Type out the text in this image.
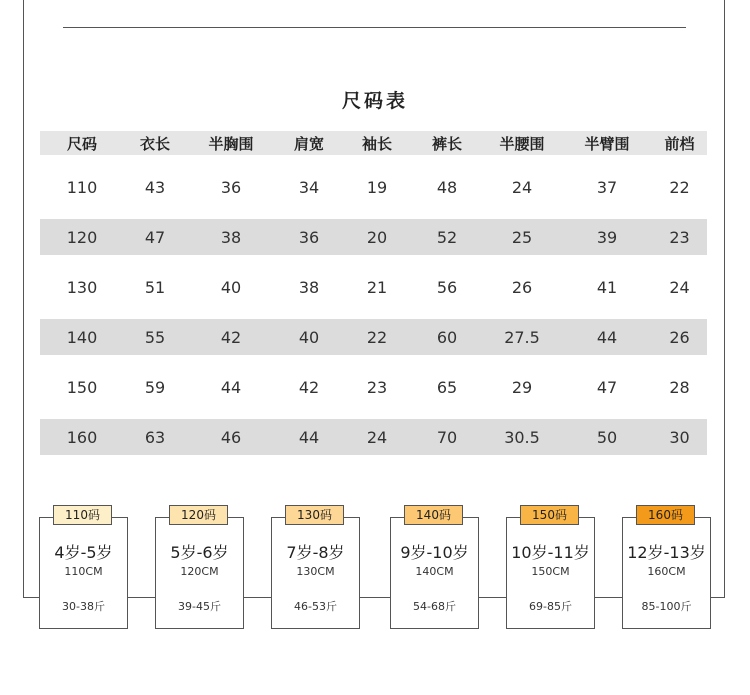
尺码表
尺码	衣长	半胸围	肩宽	袖长	裤长	半腰围	半臂围	前档
110	43	36	34	19	48	24	37	22
120	47	38	36	20	52	25	39	23
130	51	40	38	21	56	26	41	24
140	55	42	40	22	60	27.5	44	26
150	59	44	42	23	65	29	47	28
160	63	46	44	24	70	30.5	50	30
4岁-5岁
110CM
30-38斤
110码
5岁-6岁
120CM
39-45斤
120码
7岁-8岁
130CM
46-53斤
130码
9岁-10岁
140CM
54-68斤
140码
10岁-11岁
150CM
69-85斤
150码
12岁-13岁
160CM
85-100斤
160码
